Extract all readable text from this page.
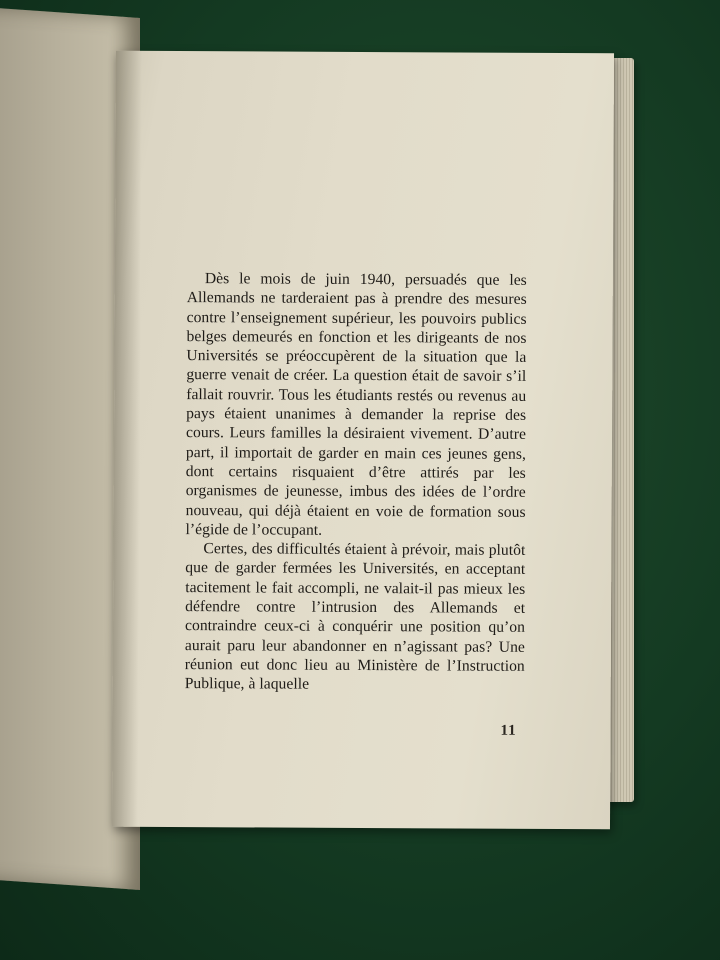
Dès le mois de juin 1940, persuadés que les Allemands ne tarderaient pas à prendre des mesures contre l’enseignement supérieur, les pouvoirs publics belges demeurés en fonction et les dirigeants de nos Universités se préoccupèrent de la situation que la guerre venait de créer. La question était de savoir s’il fallait rouvrir. Tous les étudiants restés ou revenus au pays étaient unanimes à demander la reprise des cours. Leurs familles la désiraient vivement. D’autre part, il importait de garder en main ces jeunes gens, dont certains risquaient d’être attirés par les organismes de jeunesse, imbus des idées de l’ordre nouveau, qui déjà étaient en voie de formation sous l’égide de l’occupant.

Certes, des difficultés étaient à prévoir, mais plutôt que de garder fermées les Universités, en acceptant tacitement le fait accompli, ne valait-il pas mieux les défendre contre l’intrusion des Allemands et contraindre ceux-ci à conquérir une position qu’on aurait paru leur abandonner en n’agissant pas? Une réunion eut donc lieu au Ministère de l’Instruction Publique, à laquelle

11
